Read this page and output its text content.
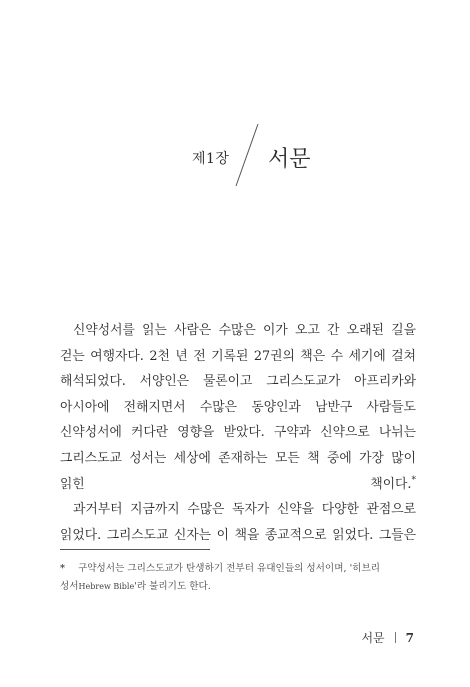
제1장 서문

신약성서를 읽는 사람은 수많은 이가 오고 간 오래된 길을 걷는 여행자다. 2천 년 전 기록된 27권의 책은 수 세기에 걸쳐 해석되었다. 서양인은 물론이고 그리스도교가 아프리카와 아시아에 전해지면서 수많은 동양인과 남반구 사람들도 신약성서에 커다란 영향을 받았다. 구약과 신약으로 나뉘는 그리스도교 성서는 세상에 존재하는 모든 책 중에 가장 많이 읽힌 책이다.*

과거부터 지금까지 수많은 독자가 신약을 다양한 관점으로 읽었다. 그리스도교 신자는 이 책을 종교적으로 읽었다. 그들은

* 구약성서는 그리스도교가 탄생하기 전부터 유대인들의 성서이며, '히브리 성서Hebrew Bible'라 불리기도 한다.
서문 7
